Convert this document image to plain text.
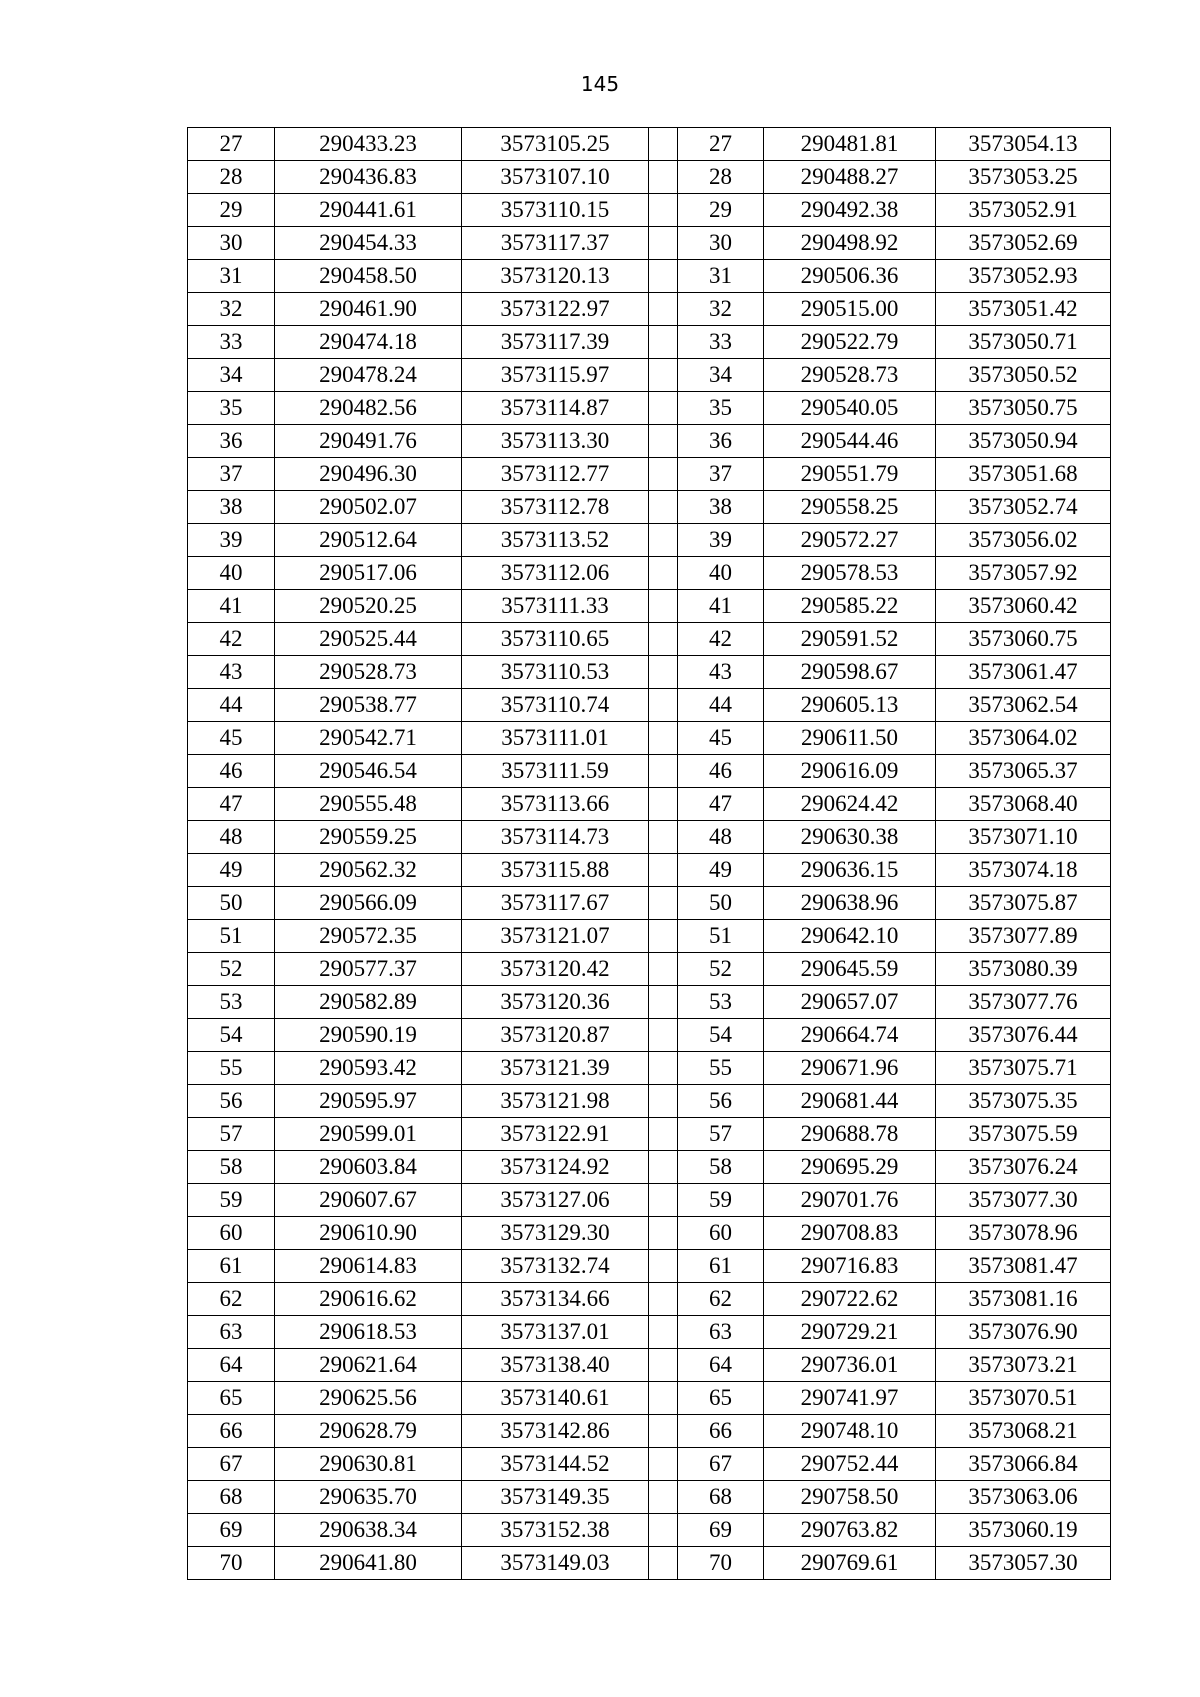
145
27	290433.23	3573105.25		27	290481.81	3573054.13
28	290436.83	3573107.10		28	290488.27	3573053.25
29	290441.61	3573110.15		29	290492.38	3573052.91
30	290454.33	3573117.37		30	290498.92	3573052.69
31	290458.50	3573120.13		31	290506.36	3573052.93
32	290461.90	3573122.97		32	290515.00	3573051.42
33	290474.18	3573117.39		33	290522.79	3573050.71
34	290478.24	3573115.97		34	290528.73	3573050.52
35	290482.56	3573114.87		35	290540.05	3573050.75
36	290491.76	3573113.30		36	290544.46	3573050.94
37	290496.30	3573112.77		37	290551.79	3573051.68
38	290502.07	3573112.78		38	290558.25	3573052.74
39	290512.64	3573113.52		39	290572.27	3573056.02
40	290517.06	3573112.06		40	290578.53	3573057.92
41	290520.25	3573111.33		41	290585.22	3573060.42
42	290525.44	3573110.65		42	290591.52	3573060.75
43	290528.73	3573110.53		43	290598.67	3573061.47
44	290538.77	3573110.74		44	290605.13	3573062.54
45	290542.71	3573111.01		45	290611.50	3573064.02
46	290546.54	3573111.59		46	290616.09	3573065.37
47	290555.48	3573113.66		47	290624.42	3573068.40
48	290559.25	3573114.73		48	290630.38	3573071.10
49	290562.32	3573115.88		49	290636.15	3573074.18
50	290566.09	3573117.67		50	290638.96	3573075.87
51	290572.35	3573121.07		51	290642.10	3573077.89
52	290577.37	3573120.42		52	290645.59	3573080.39
53	290582.89	3573120.36		53	290657.07	3573077.76
54	290590.19	3573120.87		54	290664.74	3573076.44
55	290593.42	3573121.39		55	290671.96	3573075.71
56	290595.97	3573121.98		56	290681.44	3573075.35
57	290599.01	3573122.91		57	290688.78	3573075.59
58	290603.84	3573124.92		58	290695.29	3573076.24
59	290607.67	3573127.06		59	290701.76	3573077.30
60	290610.90	3573129.30		60	290708.83	3573078.96
61	290614.83	3573132.74		61	290716.83	3573081.47
62	290616.62	3573134.66		62	290722.62	3573081.16
63	290618.53	3573137.01		63	290729.21	3573076.90
64	290621.64	3573138.40		64	290736.01	3573073.21
65	290625.56	3573140.61		65	290741.97	3573070.51
66	290628.79	3573142.86		66	290748.10	3573068.21
67	290630.81	3573144.52		67	290752.44	3573066.84
68	290635.70	3573149.35		68	290758.50	3573063.06
69	290638.34	3573152.38		69	290763.82	3573060.19
70	290641.80	3573149.03		70	290769.61	3573057.30
